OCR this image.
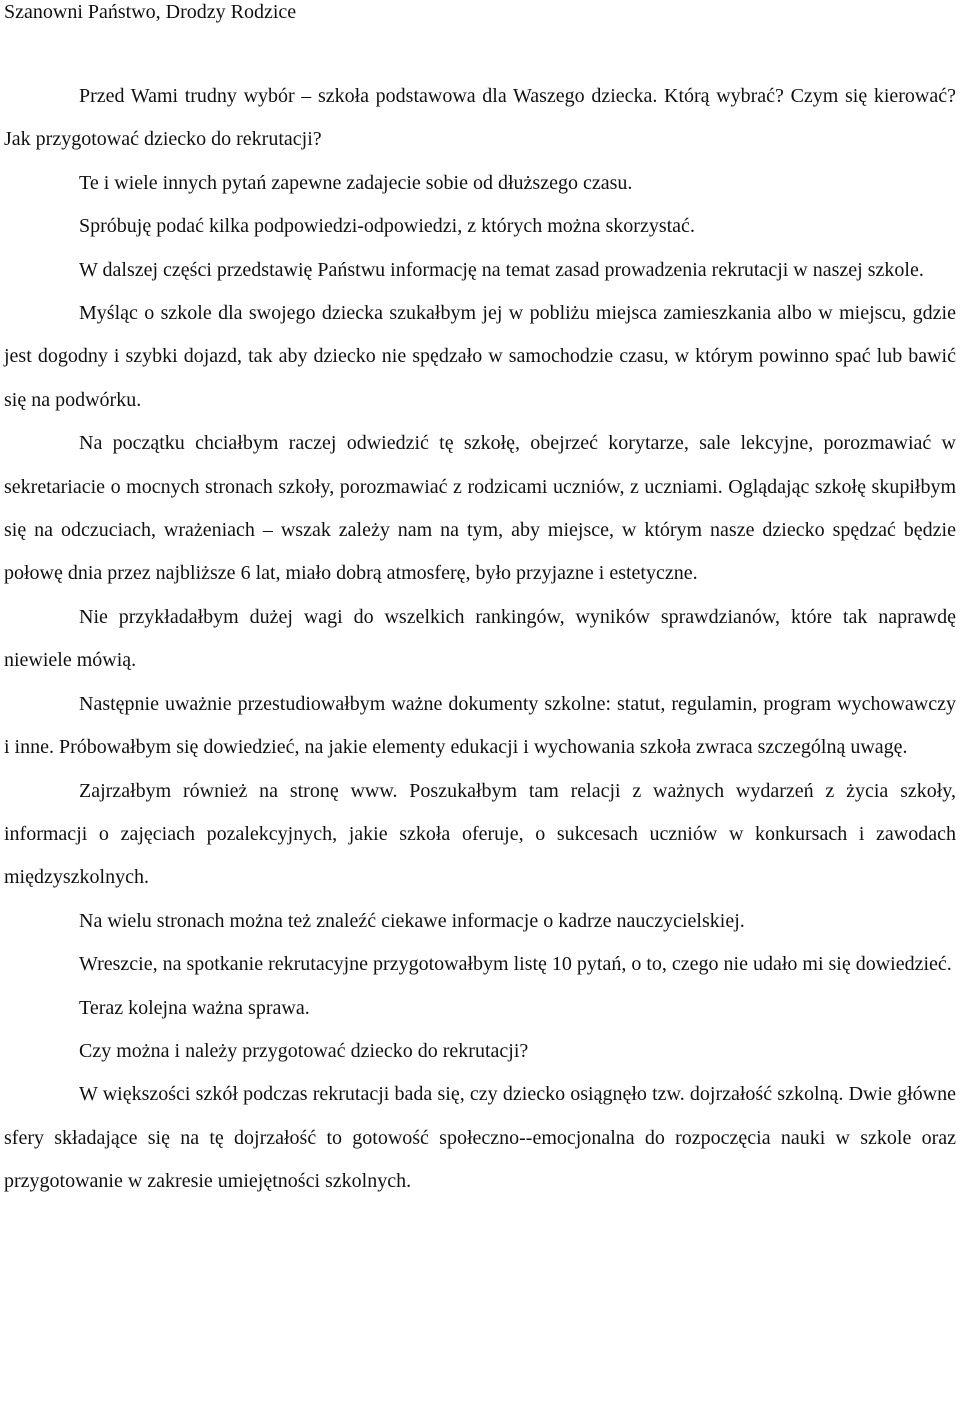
Szanowni Państwo, Drodzy Rodzice

Przed Wami trudny wybór – szkoła podstawowa dla Waszego dziecka. Którą wybrać? Czym się kierować? Jak przygotować dziecko do rekrutacji?

Te i wiele innych pytań zapewne zadajecie sobie od dłuższego czasu.

Spróbuję podać kilka podpowiedzi-odpowiedzi, z których można skorzystać.

W dalszej części przedstawię Państwu informację na temat zasad prowadzenia rekrutacji w naszej szkole.

Myśląc o szkole dla swojego dziecka szukałbym jej w pobliżu miejsca zamieszkania albo w miejscu, gdzie jest dogodny i szybki dojazd, tak aby dziecko nie spędzało w samochodzie czasu, w którym powinno spać lub bawić się na podwórku.

Na początku chciałbym raczej odwiedzić tę szkołę, obejrzeć korytarze, sale lekcyjne, porozmawiać w sekretariacie o mocnych stronach szkoły, porozmawiać z rodzicami uczniów, z uczniami. Oglądając szkołę skupiłbym się na odczuciach, wrażeniach – wszak zależy nam na tym, aby miejsce, w którym nasze dziecko spędzać będzie połowę dnia przez najbliższe 6 lat, miało dobrą atmosferę, było przyjazne i estetyczne.

Nie przykładałbym dużej wagi do wszelkich rankingów, wyników sprawdzianów, które tak naprawdę niewiele mówią.

Następnie uważnie przestudiowałbym ważne dokumenty szkolne: statut, regulamin, program wychowawczy i inne. Próbowałbym się dowiedzieć, na jakie elementy edukacji i wychowania szkoła zwraca szczególną uwagę.

Zajrzałbym również na stronę www. Poszukałbym tam relacji z ważnych wydarzeń z życia szkoły, informacji o zajęciach pozalekcyjnych, jakie szkoła oferuje, o sukcesach uczniów w konkursach i zawodach międzyszkolnych.

Na wielu stronach można też znaleźć ciekawe informacje o kadrze nauczycielskiej.

Wreszcie, na spotkanie rekrutacyjne przygotowałbym listę 10 pytań, o to, czego nie udało mi się dowiedzieć.

Teraz kolejna ważna sprawa.

Czy można i należy przygotować dziecko do rekrutacji?

W większości szkół podczas rekrutacji bada się, czy dziecko osiągnęło tzw. dojrzałość szkolną. Dwie główne sfery składające się na tę dojrzałość to gotowość społeczno--emocjonalna do rozpoczęcia nauki w szkole oraz przygotowanie w zakresie umiejętności szkolnych.
